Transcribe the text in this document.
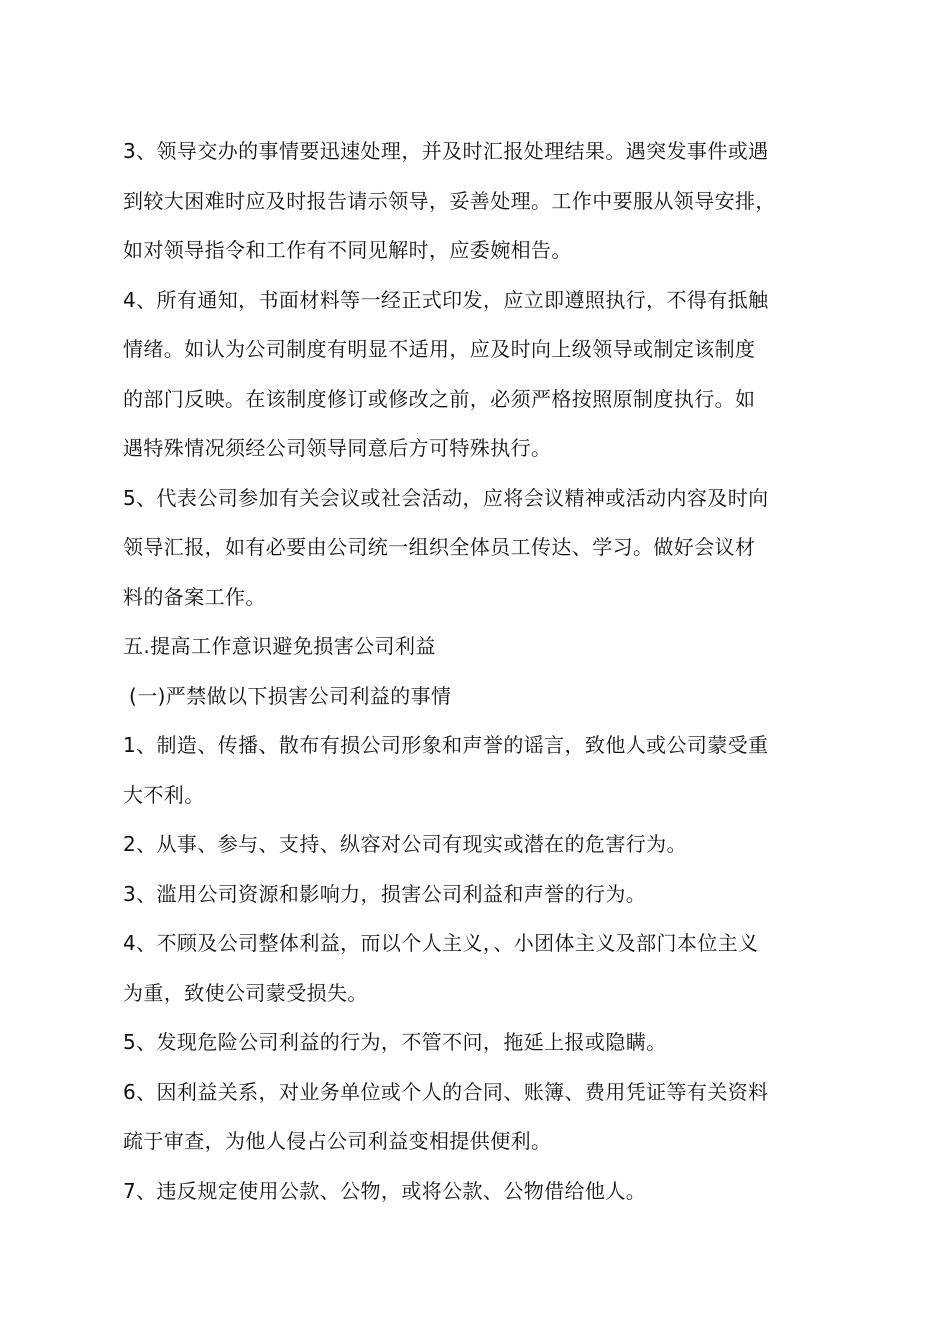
3、领导交办的事情要迅速处理，并及时汇报处理结果。遇突发事件或遇
到较大困难时应及时报告请示领导，妥善处理。工作中要服从领导安排，
如对领导指令和工作有不同见解时，应委婉相告。
4、所有通知，书面材料等一经正式印发，应立即遵照执行，不得有抵触
情绪。如认为公司制度有明显不适用，应及时向上级领导或制定该制度
的部门反映。在该制度修订或修改之前，必须严格按照原制度执行。如
遇特殊情况须经公司领导同意后方可特殊执行。
5、代表公司参加有关会议或社会活动，应将会议精神或活动内容及时向
领导汇报，如有必要由公司统一组织全体员工传达、学习。做好会议材
料的备案工作。
五.提高工作意识避免损害公司利益
(一)严禁做以下损害公司利益的事情
1、制造、传播、散布有损公司形象和声誉的谣言，致他人或公司蒙受重
大不利。
2、从事、参与、支持、纵容对公司有现实或潜在的危害行为。
3、滥用公司资源和影响力，损害公司利益和声誉的行为。
4、不顾及公司整体利益，而以个人主义，、小团体主义及部门本位主义
为重，致使公司蒙受损失。
5、发现危险公司利益的行为，不管不问，拖延上报或隐瞒。
6、因利益关系，对业务单位或个人的合同、账簿、费用凭证等有关资料
疏于审查，为他人侵占公司利益变相提供便利。
7、违反规定使用公款、公物，或将公款、公物借给他人。
